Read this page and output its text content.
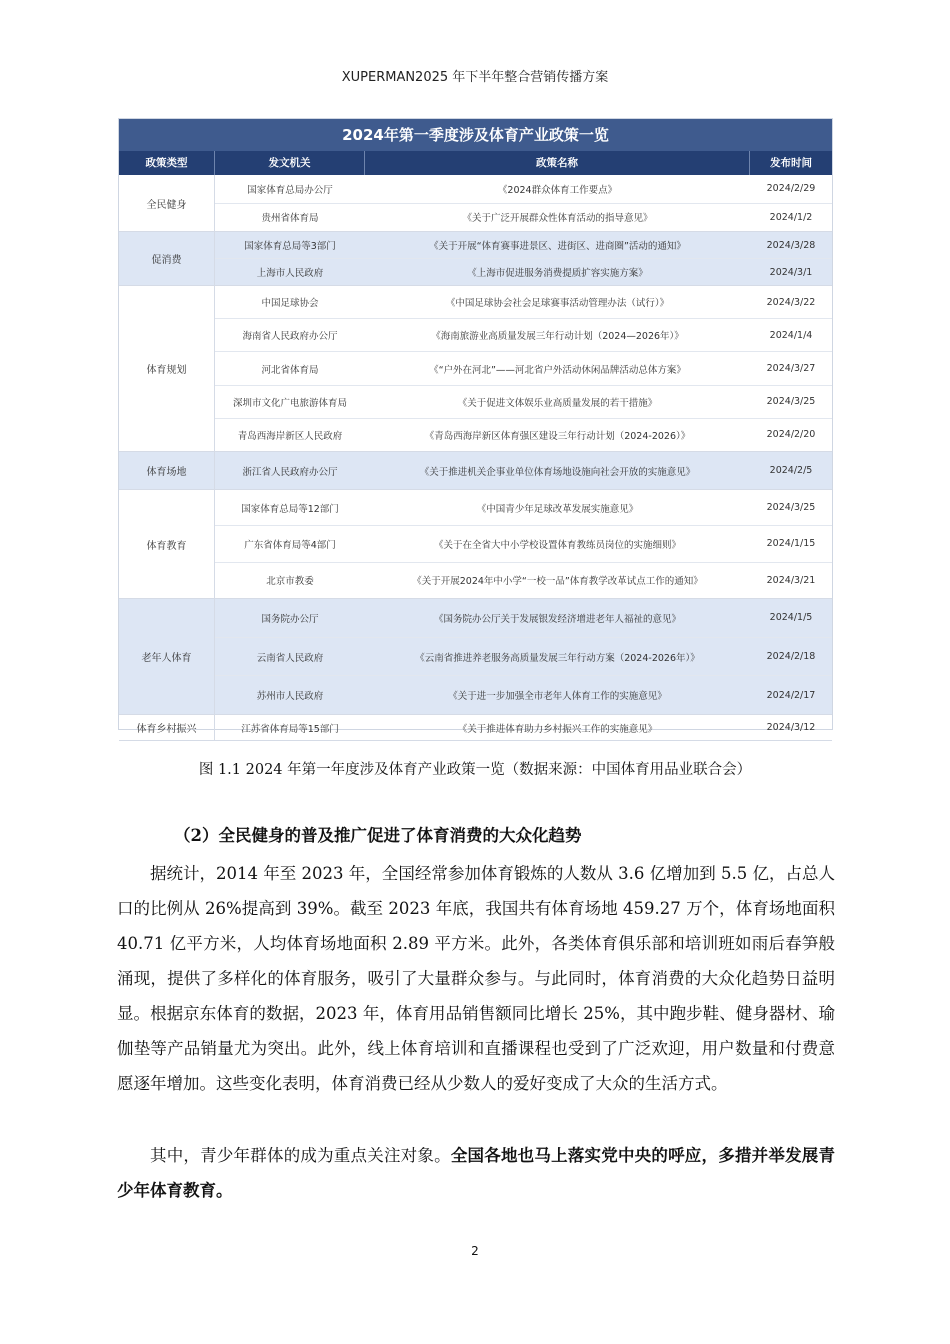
XUPERMAN2025 年下半年整合营销传播方案
2024年第一季度涉及体育产业政策一览
政策类型	发文机关	政策名称	发布时间
全民健身
国家体育总局办公厅	《2024群众体育工作要点》	2024/2/29
贵州省体育局	《关于广泛开展群众性体育活动的指导意见》	2024/1/2
促消费
国家体育总局等3部门	《关于开展“体育赛事进景区、进街区、进商圈”活动的通知》	2024/3/28
上海市人民政府	《上海市促进服务消费提质扩容实施方案》	2024/3/1
体育规划
中国足球协会	《中国足球协会社会足球赛事活动管理办法（试行）》	2024/3/22
海南省人民政府办公厅	《海南旅游业高质量发展三年行动计划（2024—2026年）》	2024/1/4
河北省体育局	《“户外在河北”——河北省户外活动休闲品牌活动总体方案》	2024/3/27
深圳市文化广电旅游体育局	《关于促进文体娱乐业高质量发展的若干措施》	2024/3/25
青岛西海岸新区人民政府	《青岛西海岸新区体育强区建设三年行动计划（2024-2026）》	2024/2/20
体育场地	浙江省人民政府办公厅	《关于推进机关企事业单位体育场地设施向社会开放的实施意见》	2024/2/5
体育教育
国家体育总局等12部门	《中国青少年足球改革发展实施意见》	2024/3/25
广东省体育局等4部门	《关于在全省大中小学校设置体育教练员岗位的实施细则》	2024/1/15
北京市教委	《关于开展2024年中小学“一校一品”体育教学改革试点工作的通知》	2024/3/21
老年人体育
国务院办公厅	《国务院办公厅关于发展银发经济增进老年人福祉的意见》	2024/1/5
云南省人民政府	《云南省推进养老服务高质量发展三年行动方案（2024-2026年）》	2024/2/18
苏州市人民政府	《关于进一步加强全市老年人体育工作的实施意见》	2024/2/17
体育乡村振兴	江苏省体育局等15部门	《关于推进体育助力乡村振兴工作的实施意见》	2024/3/12
图 1.1 2024 年第一年度涉及体育产业政策一览（数据来源：中国体育用品业联合会）
（2）全民健身的普及推广促进了体育消费的大众化趋势

据统计，2014 年至 2023 年，全国经常参加体育锻炼的人数从 3.6 亿增加到 5.5 亿，占总人口的比例从 26%提高到 39%。截至 2023 年底，我国共有体育场地 459.27 万个，体育场地面积 40.71 亿平方米，人均体育场地面积 2.89 平方米。此外，各类体育俱乐部和培训班如雨后春笋般涌现，提供了多样化的体育服务，吸引了大量群众参与。与此同时，体育消费的大众化趋势日益明显。根据京东体育的数据，2023 年，体育用品销售额同比增长 25%，其中跑步鞋、健身器材、瑜伽垫等产品销量尤为突出。此外，线上体育培训和直播课程也受到了广泛欢迎，用户数量和付费意愿逐年增加。这些变化表明，体育消费已经从少数人的爱好变成了大众的生活方式。

其中，青少年群体的成为重点关注对象。全国各地也马上落实党中央的呼应，多措并举发展青少年体育教育。

2
